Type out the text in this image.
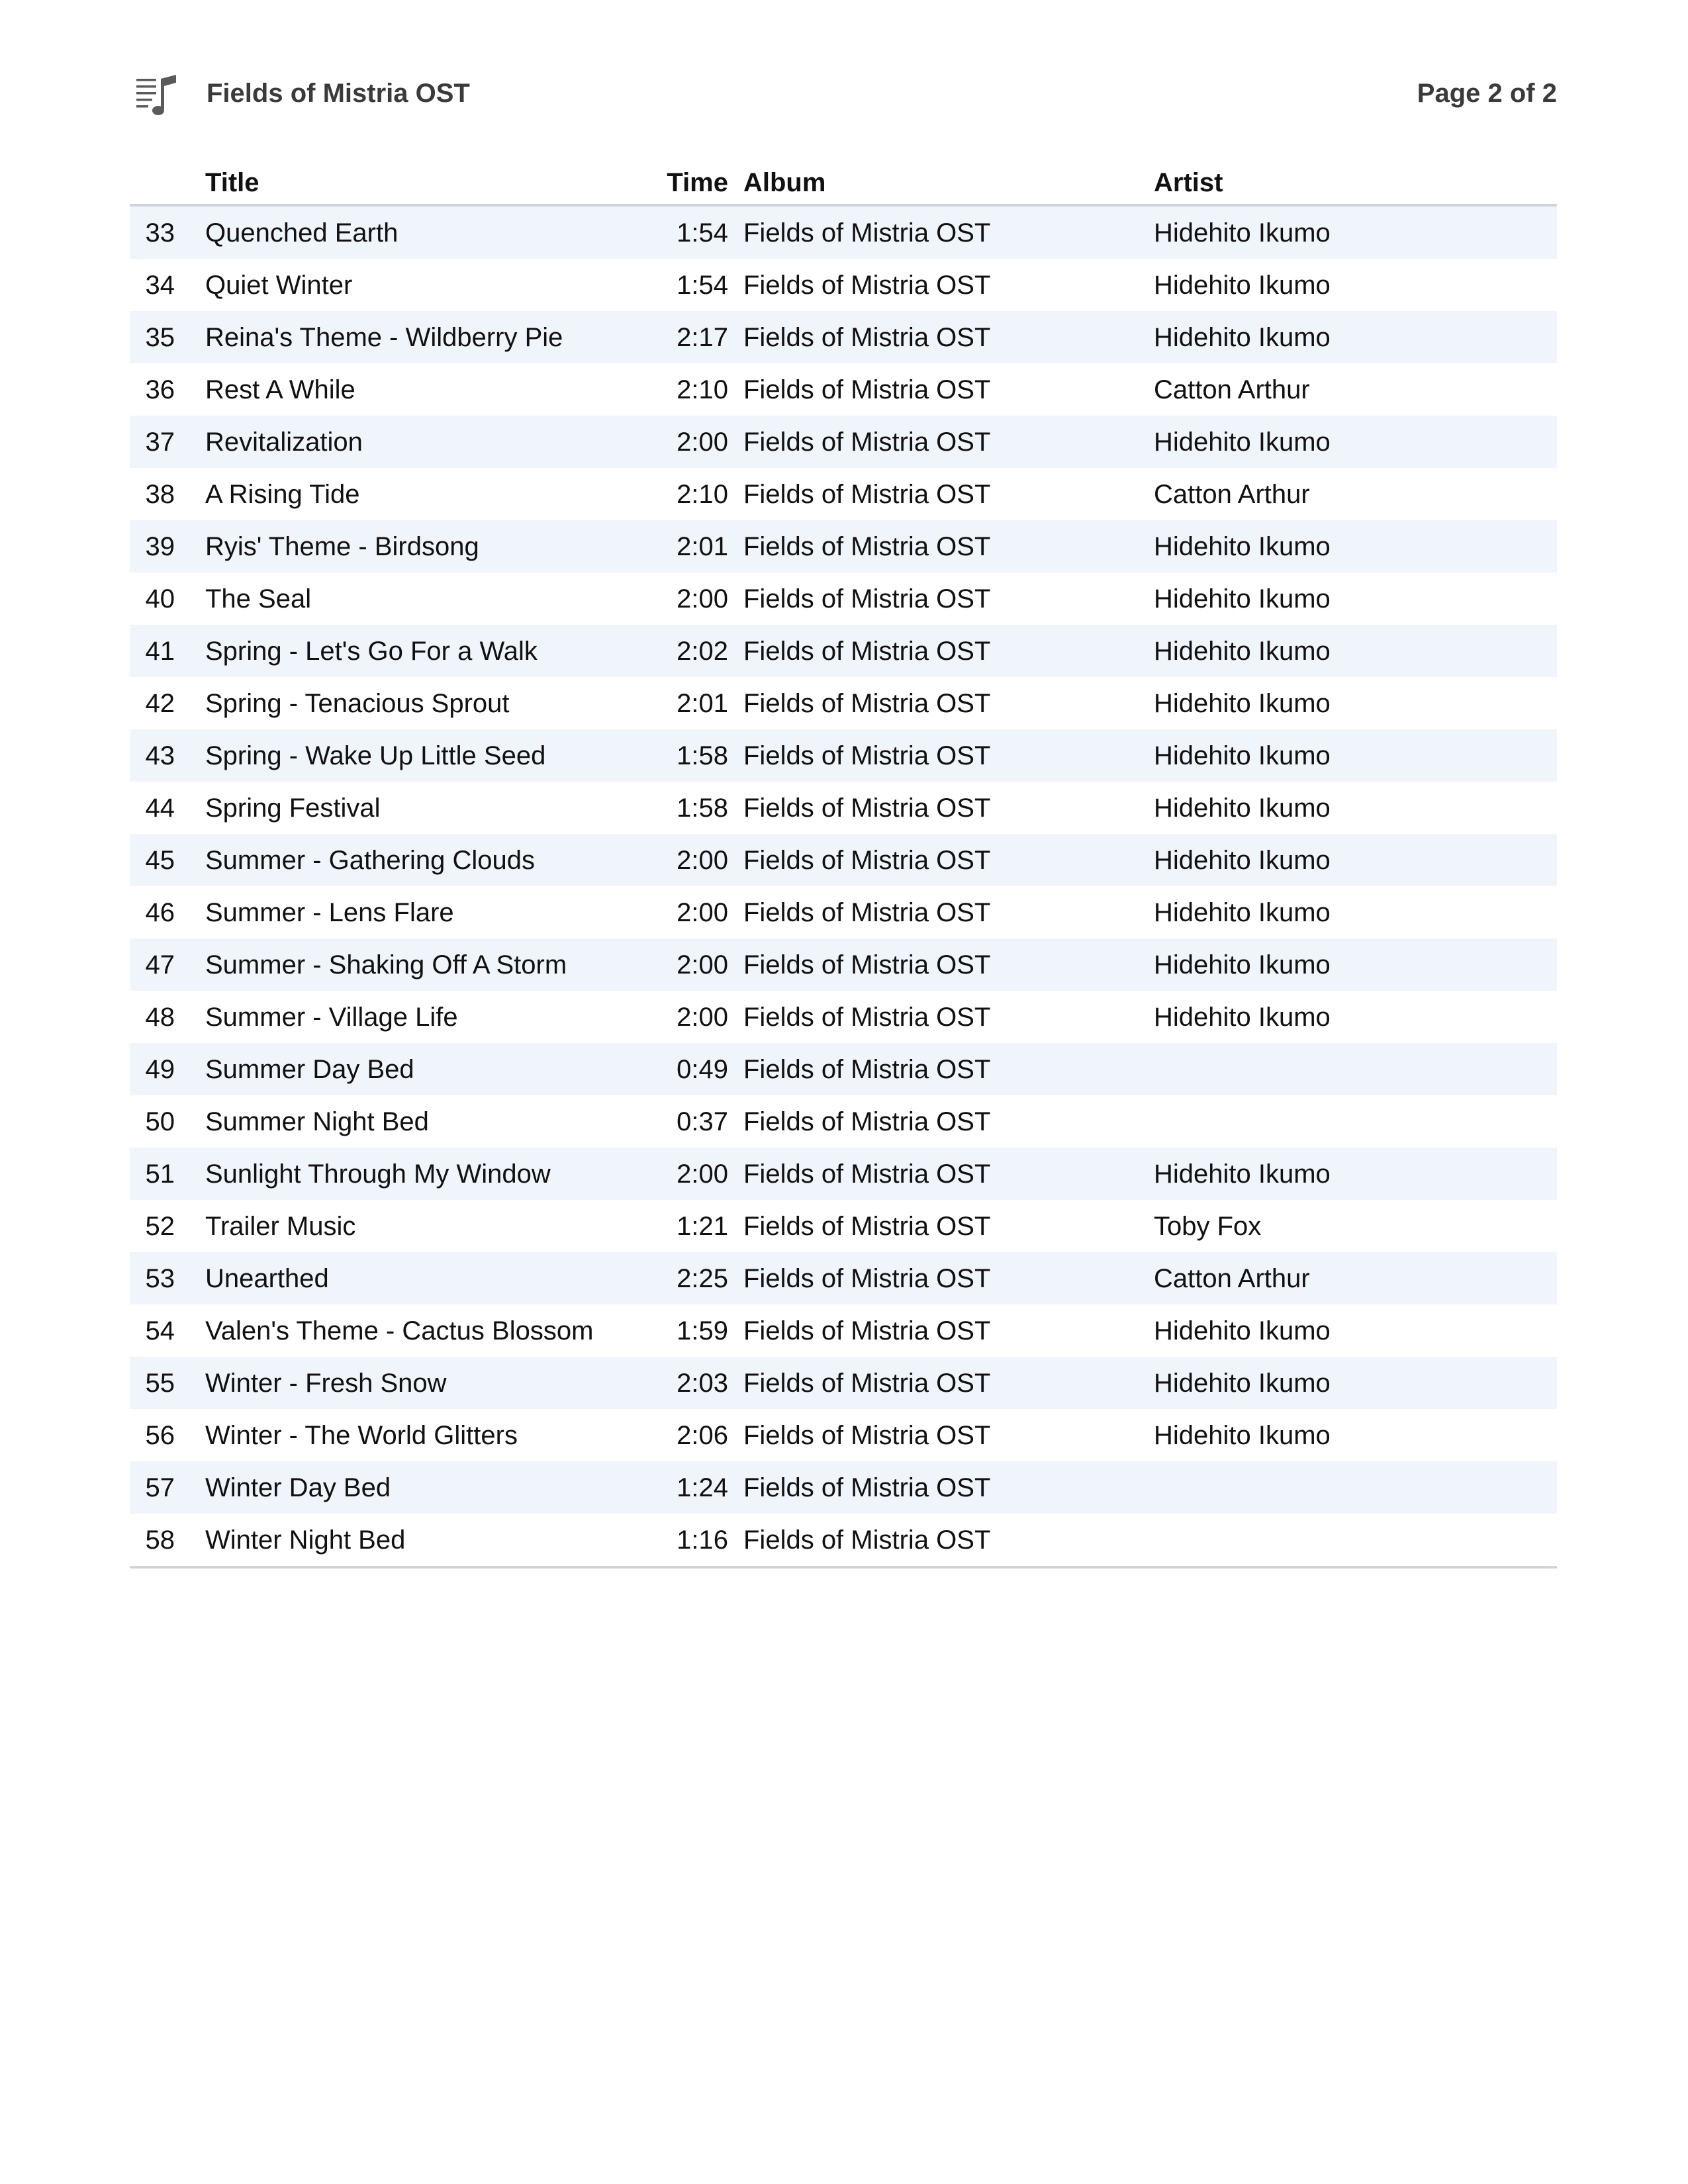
Fields of Mistria OST	Page 2 of 2
Title	Time Album	Artist
33 Quenched Earth	1:54 Fields of Mistria OST	Hidehito Ikumo
34 Quiet Winter	1:54 Fields of Mistria OST	Hidehito Ikumo
35 Reina's Theme - Wildberry Pie	2:17 Fields of Mistria OST	Hidehito Ikumo
36 Rest A While	2:10 Fields of Mistria OST	Catton Arthur
37 Revitalization	2:00 Fields of Mistria OST	Hidehito Ikumo
38 A Rising Tide	2:10 Fields of Mistria OST	Catton Arthur
39 Ryis' Theme - Birdsong	2:01 Fields of Mistria OST	Hidehito Ikumo
40 The Seal	2:00 Fields of Mistria OST	Hidehito Ikumo
41 Spring - Let's Go For a Walk	2:02 Fields of Mistria OST	Hidehito Ikumo
42 Spring - Tenacious Sprout	2:01 Fields of Mistria OST	Hidehito Ikumo
43 Spring - Wake Up Little Seed	1:58 Fields of Mistria OST	Hidehito Ikumo
44 Spring Festival	1:58 Fields of Mistria OST	Hidehito Ikumo
45 Summer - Gathering Clouds	2:00 Fields of Mistria OST	Hidehito Ikumo
46 Summer - Lens Flare	2:00 Fields of Mistria OST	Hidehito Ikumo
47 Summer - Shaking Off A Storm	2:00 Fields of Mistria OST	Hidehito Ikumo
48 Summer - Village Life	2:00 Fields of Mistria OST	Hidehito Ikumo
49 Summer Day Bed	0:49 Fields of Mistria OST
50 Summer Night Bed	0:37 Fields of Mistria OST
51 Sunlight Through My Window	2:00 Fields of Mistria OST	Hidehito Ikumo
52 Trailer Music	1:21 Fields of Mistria OST	Toby Fox
53 Unearthed	2:25 Fields of Mistria OST	Catton Arthur
54 Valen's Theme - Cactus Blossom	1:59 Fields of Mistria OST	Hidehito Ikumo
55 Winter - Fresh Snow	2:03 Fields of Mistria OST	Hidehito Ikumo
56 Winter - The World Glitters	2:06 Fields of Mistria OST	Hidehito Ikumo
57 Winter Day Bed	1:24 Fields of Mistria OST
58 Winter Night Bed	1:16 Fields of Mistria OST
